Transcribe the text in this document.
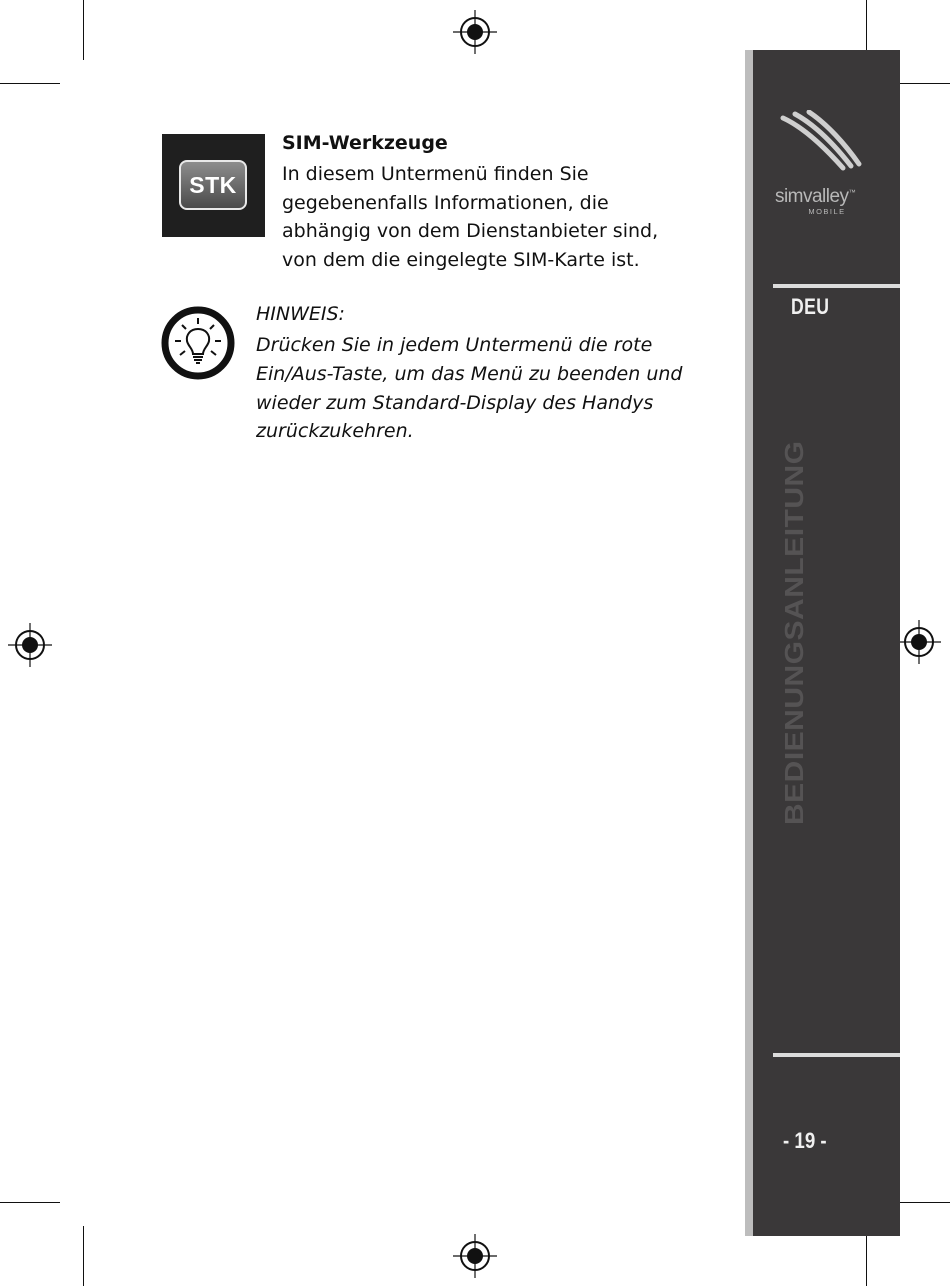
simvalley™
MOBILE
DEU
BEDIENUNGSANLEITUNG
- 19 -
STK
SIM-Werkzeuge
In diesem Untermenü finden Sie
gegebenenfalls Informationen, die
abhängig von dem Dienstanbieter sind,
von dem die eingelegte SIM-Karte ist.
HINWEIS:
Drücken Sie in jedem Untermenü die rote
Ein/Aus-Taste, um das Menü zu beenden und
wieder zum Standard-Display des Handys
zurückzukehren.
